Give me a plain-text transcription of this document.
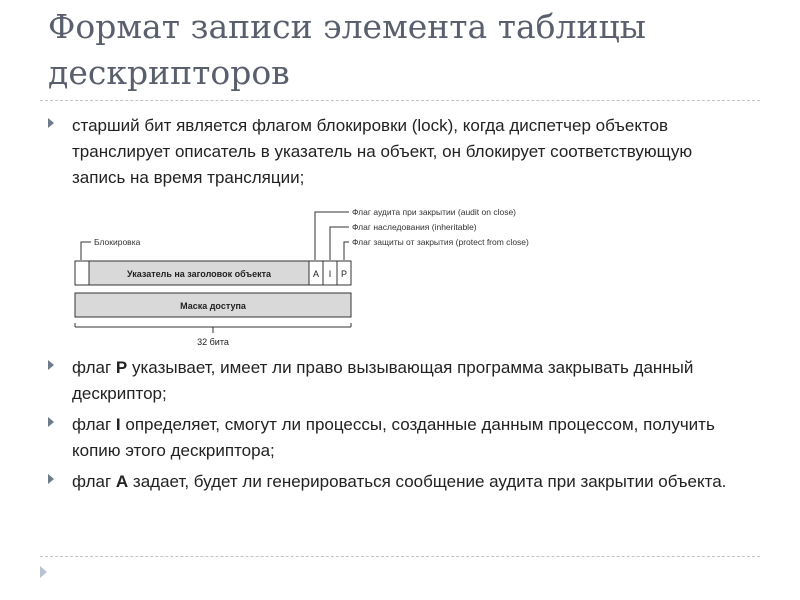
Формат записи элемента таблицы дескрипторов
старший бит является флагом блокировки (lock), когда диспетчер объектов транслирует описатель в указатель на объект, он блокирует соответствующую запись на время трансляции;
Флаг аудита при закрытии (audit on close)
Флаг наследования (inheritable)
Флаг защиты от закрытия (protect from close)
Блокировка
Указатель на заголовок объекта	A I P
Маска доступа
32 бита
флаг P указывает, имеет ли право вызывающая программа закрывать данный дескриптор;
флаг I определяет, смогут ли процессы, созданные данным процессом, получить копию этого дескриптора;
флаг A задает, будет ли генерироваться сообщение аудита при закрытии объекта.
